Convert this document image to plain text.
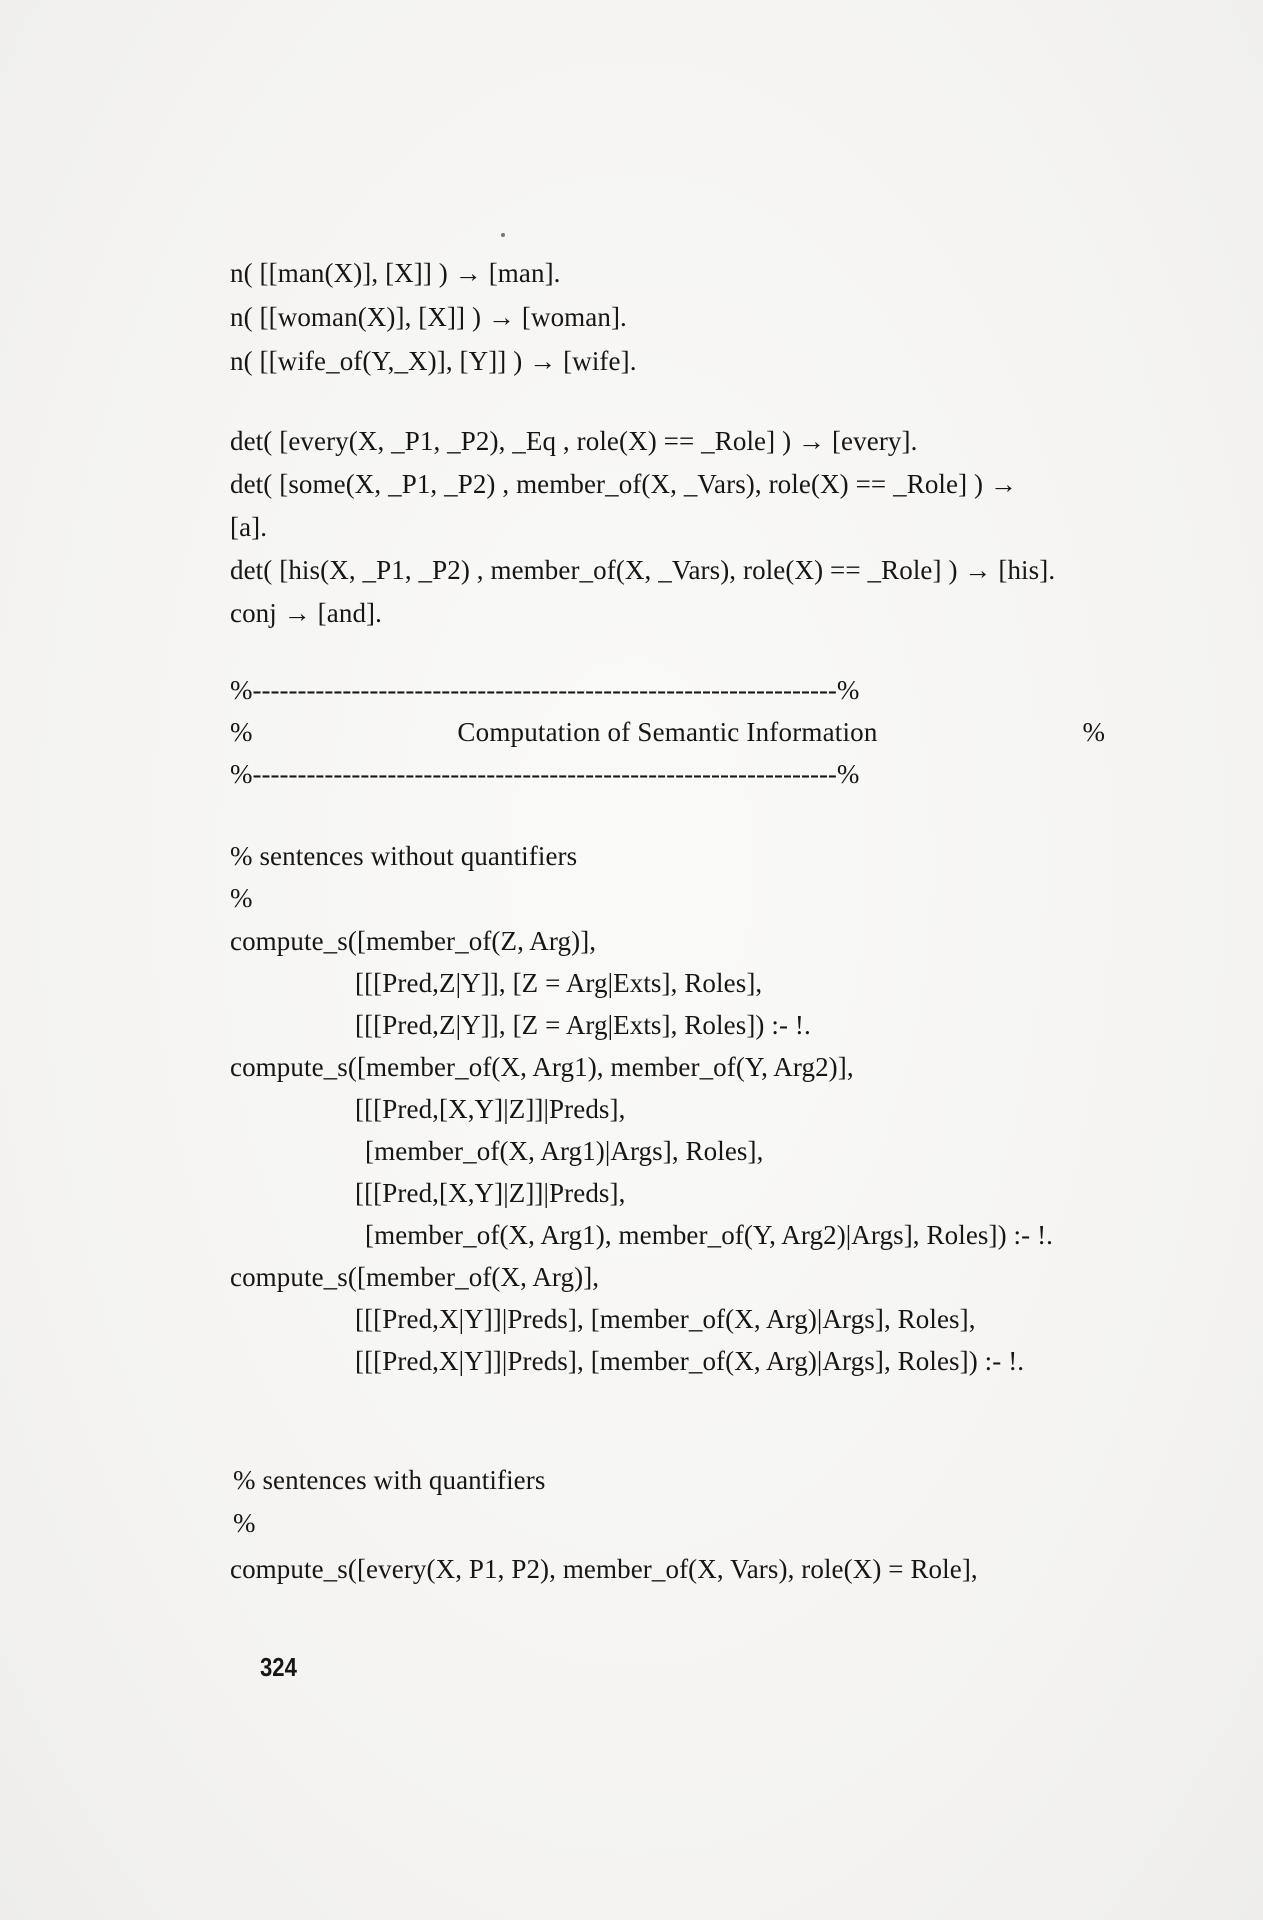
n( [[man(X)], [X]] ) → [man].
n( [[woman(X)], [X]] ) → [woman].
n( [[wife_of(Y,_X)], [Y]] ) → [wife].
det( [every(X, _P1, _P2), _Eq , role(X) == _Role] ) → [every].
det( [some(X, _P1, _P2) , member_of(X, _Vars), role(X) == _Role] ) →
[a].
det( [his(X, _P1, _P2) , member_of(X, _Vars), role(X) == _Role] ) → [his].
conj → [and].
%-----------------------------------------------------------------%
%	Computation of Semantic Information	%
%-----------------------------------------------------------------%
% sentences without quantifiers
%
compute_s([member_of(Z, Arg)],
[[[Pred,Z|Y]], [Z = Arg|Exts], Roles],
[[[Pred,Z|Y]], [Z = Arg|Exts], Roles]) :- !.
compute_s([member_of(X, Arg1), member_of(Y, Arg2)],
[[[Pred,[X,Y]|Z]]|Preds],
[member_of(X, Arg1)|Args], Roles],
[[[Pred,[X,Y]|Z]]|Preds],
[member_of(X, Arg1), member_of(Y, Arg2)|Args], Roles]) :- !.
compute_s([member_of(X, Arg)],
[[[Pred,X|Y]]|Preds], [member_of(X, Arg)|Args], Roles],
[[[Pred,X|Y]]|Preds], [member_of(X, Arg)|Args], Roles]) :- !.
% sentences with quantifiers
%
compute_s([every(X, P1, P2), member_of(X, Vars), role(X) = Role],
324
